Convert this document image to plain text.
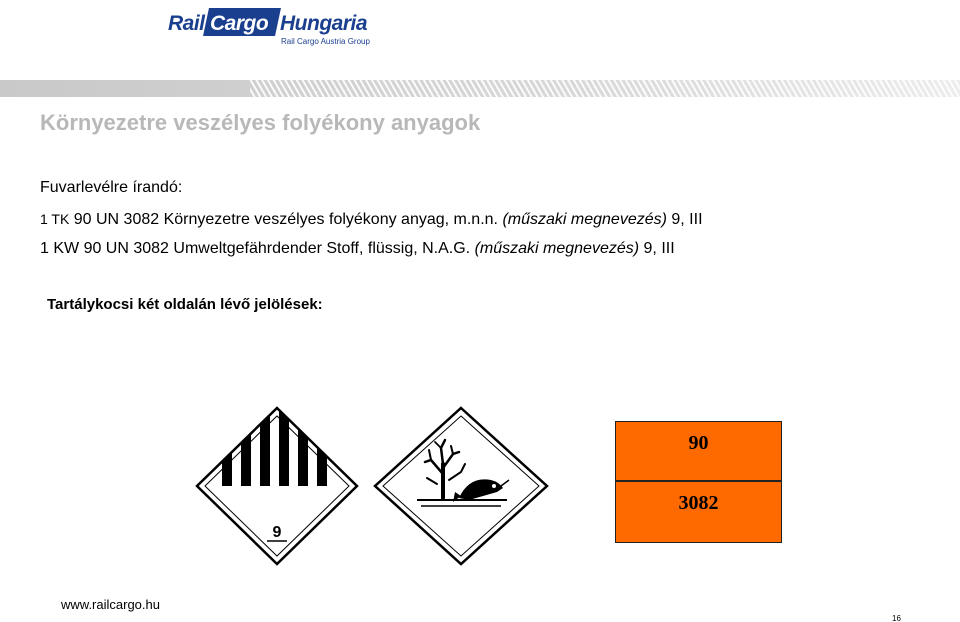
Rail Cargo Hungaria
Rail Cargo Austria Group
Környezetre veszélyes folyékony anyagok
Fuvarlevélre írandó:
1 TK 90 UN 3082 Környezetre veszélyes folyékony anyag, m.n.n. (műszaki megnevezés) 9, III
1 KW 90 UN 3082 Umweltgefährdender Stoff, flüssig, N.A.G. (műszaki megnevezés) 9, III
Tartálykocsi két oldalán lévő jelölések:
9
90
3082
www.railcargo.hu
16
